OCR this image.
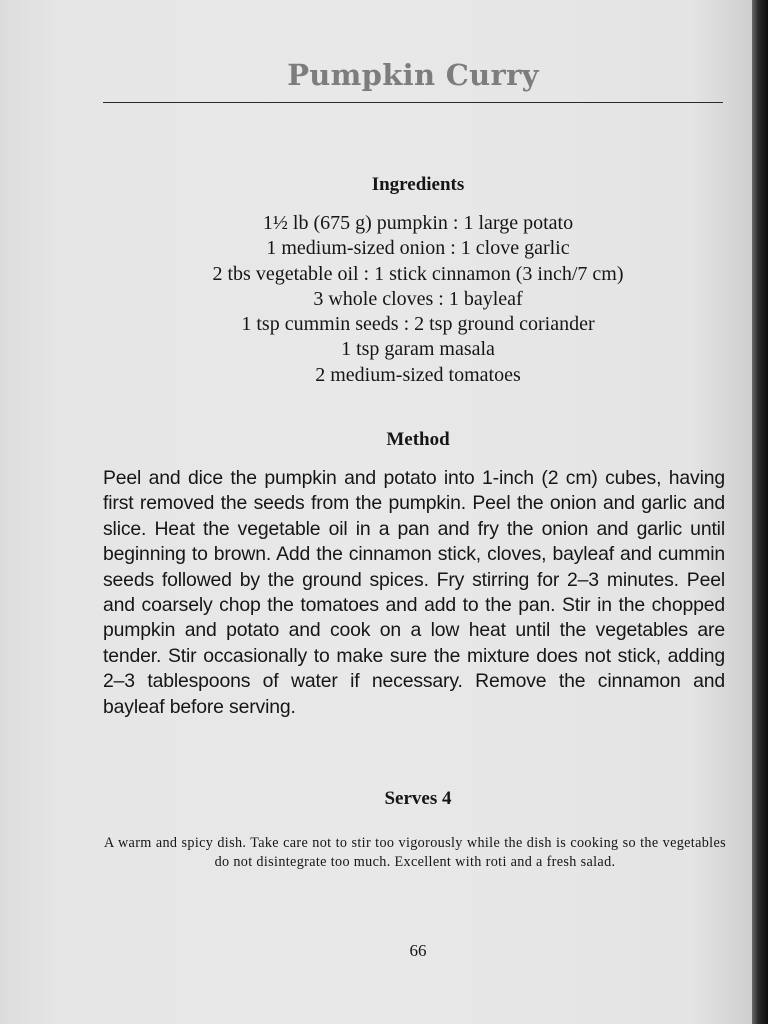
Pumpkin Curry
Ingredients
1½ lb (675 g) pumpkin : 1 large potato
1 medium-sized onion : 1 clove garlic
2 tbs vegetable oil : 1 stick cinnamon (3 inch/7 cm)
3 whole cloves : 1 bayleaf
1 tsp cummin seeds : 2 tsp ground coriander
1 tsp garam masala
2 medium-sized tomatoes
Method

Peel and dice the pumpkin and potato into 1-inch (2 cm) cubes, having first removed the seeds from the pumpkin. Peel the onion and garlic and slice. Heat the vegetable oil in a pan and fry the onion and garlic until beginning to brown. Add the cinnamon stick, cloves, bayleaf and cummin seeds followed by the ground spices. Fry stirring for 2–3 minutes. Peel and coarsely chop the tomatoes and add to the pan. Stir in the chopped pumpkin and potato and cook on a low heat until the vegetables are tender. Stir occasionally to make sure the mixture does not stick, adding 2–3 tablespoons of water if necessary. Remove the cinnamon and bayleaf before serving.

Serves 4

A warm and spicy dish. Take care not to stir too vigorously while the dish is cooking so the vegetables do not disintegrate too much. Excellent with roti and a fresh salad.

66
